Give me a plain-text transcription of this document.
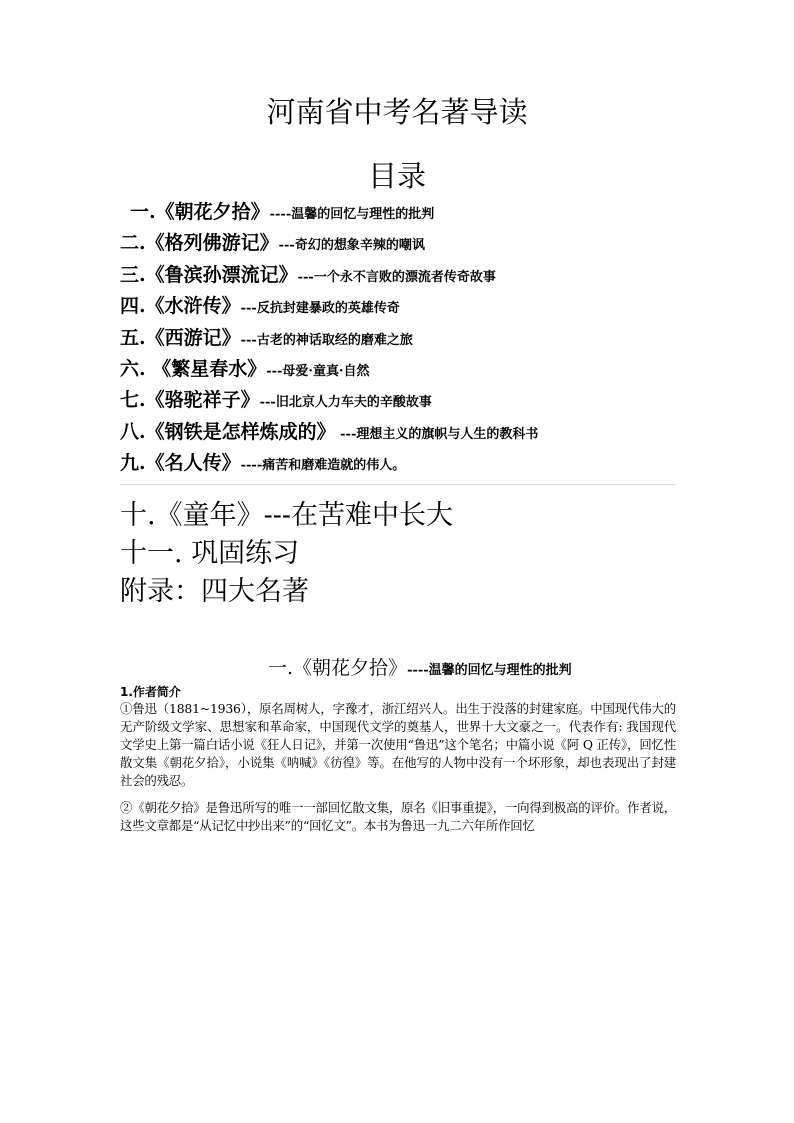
河南省中考名著导读
目录
一.《朝花夕拾》----温馨的回忆与理性的批判
二.《格列佛游记》---奇幻的想象辛辣的嘲讽
三.《鲁滨孙漂流记》---一个永不言败的漂流者传奇故事
四.《水浒传》---反抗封建暴政的英雄传奇
五.《西游记》---古老的神话取经的磨难之旅
六. 《繁星春水》---母爱·童真·自然
七.《骆驼祥子》---旧北京人力车夫的辛酸故事
八.《钢铁是怎样炼成的》 ---理想主义的旗帜与人生的教科书
九.《名人传》----痛苦和磨难造就的伟人。
十.《童年》---在苦难中长大
十一. 巩固练习
附录：四大名著
一.《朝花夕拾》----温馨的回忆与理性的批判
1.作者简介
①鲁迅（1881~1936），原名周树人，字豫才，浙江绍兴人。出生于没落的封建家庭。中国现代伟大的无产阶级文学家、思想家和革命家，中国现代文学的奠基人，世界十大文豪之一。代表作有: 我国现代文学史上第一篇白话小说《狂人日记》，并第一次使用“鲁迅”这个笔名；中篇小说《阿 Q 正传》，回忆性散文集《朝花夕拾》，小说集《呐喊》《彷徨》等。在他写的人物中没有一个坏形象，却也表现出了封建社会的残忍。
②《朝花夕拾》是鲁迅所写的唯一一部回忆散文集，原名《旧事重提》，一向得到极高的评价。作者说，这些文章都是“从记忆中抄出来”的“回忆文”。本书为鲁迅一九二六年所作回忆
